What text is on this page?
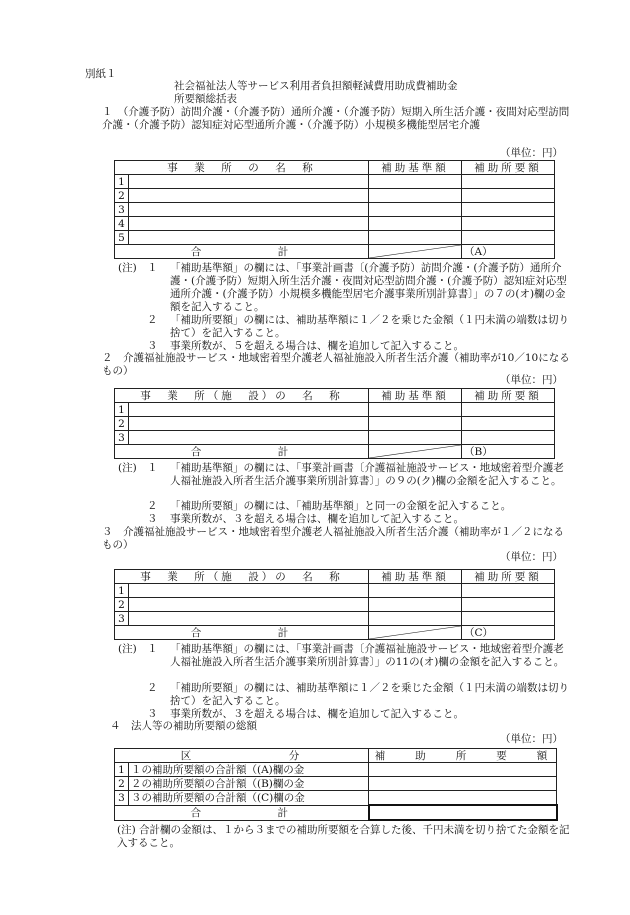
別紙１
社会福祉法人等サービス利用者負担額軽減費用助成費補助金
所要額総括表
１　（介護予防）訪問介護・（介護予防）通所介護・（介護予防）短期入所生活介護・夜間対応型訪問介護・（介護予防）認知症対応型通所介護・（介護予防）小規模多機能型居宅介護
（単位：円）
事　業　所　の　名　称		補助基準額	補助所要額
1			
2			
3			
4			
5			
合　　　　　計			（A）
(注)　１ 「補助基準額」の欄には、「事業計画書〔(介護予防）訪問介護・(介護予防）通所介護・(介護予防）短期入所生活介護・夜間対応型訪問介護・(介護予防）認知症対応型通所介護・(介護予防）小規模多機能型居宅介護事業所別計算書〕」の７の(オ)欄の金額を記入すること。
２	「補助所要額」の欄には、補助基準額に１／２を乗じた金額（１円未満の端数は切り捨て）を記入すること。
３	事業所数が、５を超える場合は、欄を追加して記入すること。
２　介護福祉施設サービス・地域密着型介護老人福祉施設入所者生活介護（補助率が10／10になるもの）
（単位：円）
事　業　所（施　設）の　名　称		補助基準額	補助所要額
1			
2			
3			
合　　　　　計			（B）
(注)　１ 「補助基準額」の欄には、「事業計画書〔介護福祉施設サービス・地域密着型介護老人福祉施設入所者生活介護事業所別計算書〕」の９の(ク)欄の金額を記入すること。
２	「補助所要額」の欄には、「補助基準額」と同一の金額を記入すること。
３	事業所数が、３を超える場合は、欄を追加して記入すること。
３　介護福祉施設サービス・地域密着型介護老人福祉施設入所者生活介護（補助率が１／２になるもの）
（単位：円）
事　業　所（施　設）の　名　称		補助基準額	補助所要額
1			
2			
3			
合　　　　　計			（C）
(注)　１ 「補助基準額」の欄には、「事業計画書〔介護福祉施設サービス・地域密着型介護老人福祉施設入所者生活介護事業所別計算書〕」の11の(オ)欄の金額を記入すること。
２	「補助所要額」の欄には、補助基準額に１／２を乗じた金額（１円未満の端数は切り捨て）を記入すること。
３	事業所数が、３を超える場合は、欄を追加して記入すること。
４　法人等の補助所要額の総額
（単位：円）
区　　　　　　　分		補　　助　　所　　要　　額
1	１の補助所要額の合計額（(A)欄の金	
2	２の補助所要額の合計額（(B)欄の金	
3	３の補助所要額の合計額（(C)欄の金	
合　　　　　計		
(注) 合計欄の金額は、１から３までの補助所要額を合算した後、千円未満を切り捨てた金額を記入すること。
